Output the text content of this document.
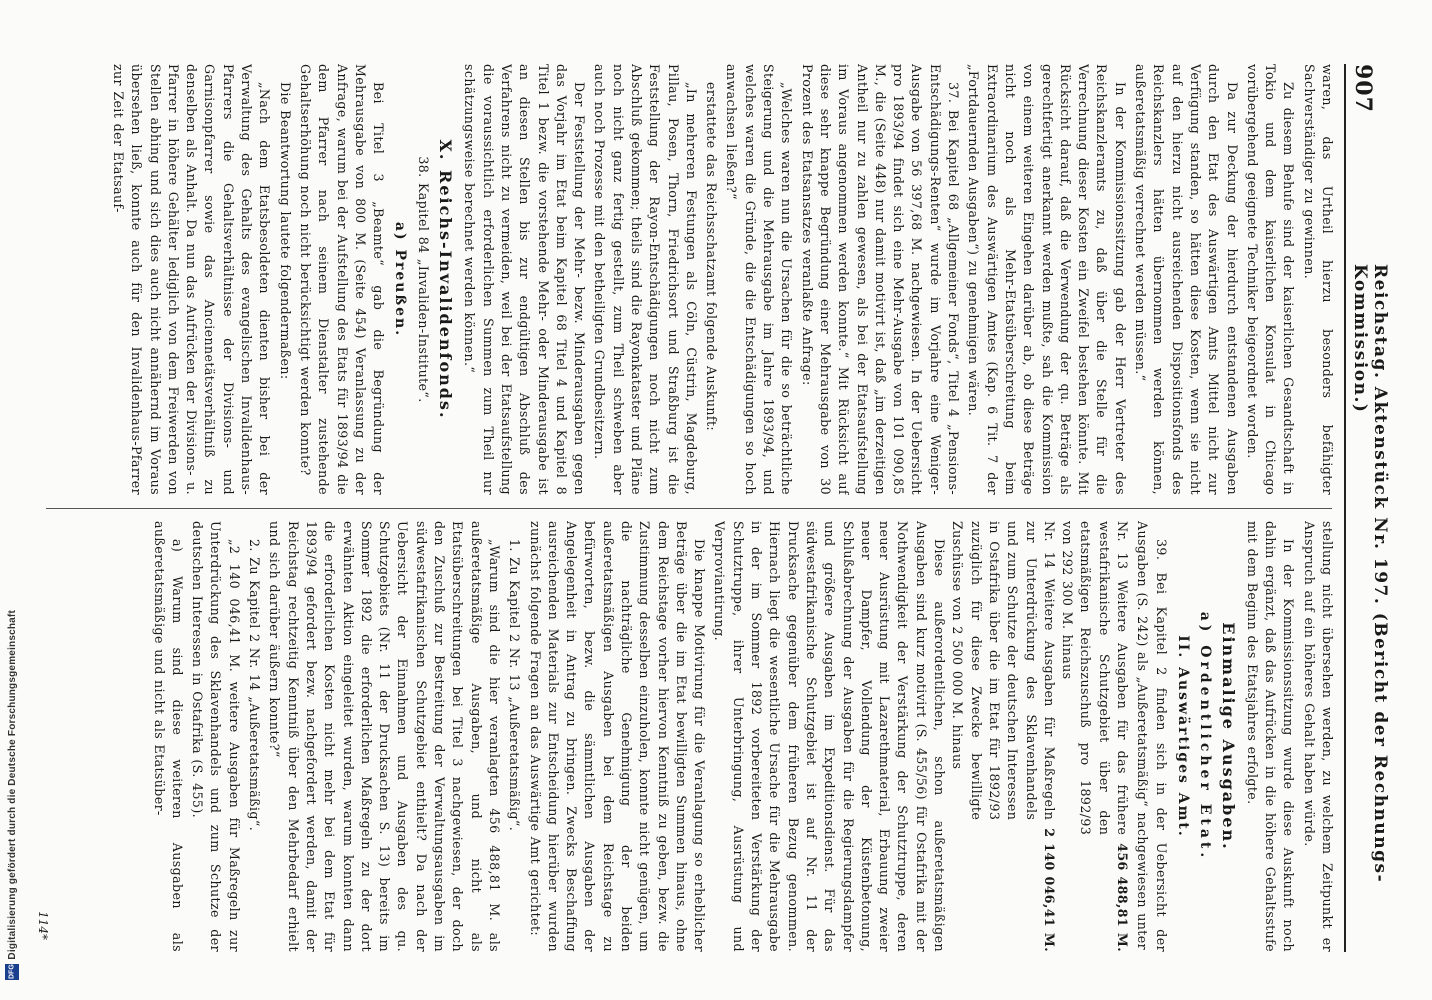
907
Reichstag. Aktenstück Nr. 197. (Bericht der Rechnungs-Kommission.)

waren, das Urtheil hierzu besonders befähigter Sachverständiger zu gewinnen.

Zu diesem Behufe sind der kaiserlichen Gesandtschaft in Tokio und dem kaiserlichen Konsulat in Chicago vorübergehend geeignete Techniker beigeordnet worden.

Da zur Deckung der hierdurch entstandenen Ausgaben durch den Etat des Auswärtigen Amts Mittel nicht zur Verfügung standen, so hätten diese Kosten, wenn sie nicht auf den hierzu nicht ausreichenden Dispositionsfonds des Reichskanzlers hätten übernommen werden können, außeretatsmäßig verrechnet werden müssen.“

In der Kommissionssitzung gab der Herr Vertreter des Reichskanzleramts zu, daß über die Stelle für die Verrechnung dieser Kosten ein Zweifel bestehen könnte. Mit Rücksicht darauf, daß die Verwendung der qu. Beträge als gerechtfertigt anerkannt werden mußte, sah die Kommission von einem weiteren Eingehen darüber ab, ob diese Beträge nicht noch als Mehr-Etatsüberschreitung beim Extraordinarium des Auswärtigen Amtes (Kap. 6 Tit. 7 der „Fortdauernden Ausgaben“) zu genehmigen wären.

37. Bei Kapitel 68 „Allgemeiner Fonds“, Titel 4 „Pensions-Entschädigungs-Renten“ wurde im Vorjahre eine Weniger-Ausgabe von 56 397,68 M. nachgewiesen. In der Uebersicht pro 1893/94 findet sich eine Mehr-Ausgabe von 101 090,85 M., die (Seite 448) nur damit motivirt ist, daß „im derzeitigen Antheil nur zu zahlen gewesen, als bei der Etatsaufstellung im Voraus angenommen werden konnte.“ Mit Rücksicht auf diese sehr knappe Begründung einer Mehrausgabe von 30 Prozent des Etatsansatzes veranlaßte Anfrage:

„Welches waren nun die Ursachen für die so beträchtliche Steigerung und die Mehrausgabe im Jahre 1893/94, und welches waren die Gründe, die die Entschädigungen so hoch anwachsen ließen?“

erstattete das Reichsschatzamt folgende Auskunft:

„In mehreren Festungen als Cöln, Cüstrin, Magdeburg, Pillau, Posen, Thorn, Friedrichsort und Straßburg ist die Feststellung der Rayon-Entschädigungen noch nicht zum Abschluß gekommen; theils sind die Rayonkataster und Pläne noch nicht ganz fertig gestellt, zum Theil schweben aber auch noch Prozesse mit den betheiligten Grundbesitzern.

Der Feststellung der Mehr- bezw. Minderausgaben gegen das Vorjahr im Etat beim Kapitel 68 Titel 4 und Kapitel 8 Titel 1 bezw. die vorstehende Mehr- oder Minderausgabe ist an diesen Stellen bis zur endgültigen Abschluß des Verfahrens nicht zu vermeiden, weil bei der Etatsaufstellung die voraussichtlich erforderlichen Summen zum Theil nur schätzungsweise berechnet werden können.“

X. Reichs-Invalidenfonds.

38. Kapitel 84 „Invaliden-Institute“.

a) Preußen.

Bei Titel 3 „Beamte“ gab die Begründung der Mehrausgabe von 800 M. (Seite 454) Veranlassung zu der Anfrage, warum bei der Aufstellung des Etats für 1893/94 die dem Pfarrer nach seinem Dienstalter zustehende Gehaltserhöhung noch nicht berücksichtigt werden konnte?

Die Beantwortung lautete folgendermaßen:

„Nach dem Etatsbesoldeten dienten bisher bei der Verwaltung des Gehalts des evangelischen Invalidenhaus-Pfarrers die Gehaltsverhältnisse der Divisions- und Garnisonpfarrer sowie das Anciennetätsverhältniß zu denselben als Anhalt. Da nun das Aufrücken der Divisions- u. Pfarrer in höhere Gehälter lediglich von dem Freiwerden von Stellen abhing und sich dies auch nicht annähernd im Voraus übersehen ließ, konnte auch für den Invalidenhaus-Pfarrer zur Zeit der Etatsauf-

stellung nicht übersehen werden, zu welchem Zeitpunkt er Anspruch auf ein höheres Gehalt haben würde.

In der Kommissionssitzung wurde diese Auskunft noch dahin ergänzt, daß das Aufrücken in die höhere Gehaltsstufe mit dem Beginn des Etatsjahres erfolgte.

Einmalige Ausgaben.
a) Ordentlicher Etat.
II. Auswärtiges Amt.

39. Bei Kapitel 2 finden sich in der Uebersicht der Ausgaben (S. 242) als „Außeretatsmäßig“ nachgewiesen unter

Nr. 13 Weitere Ausgaben für das frühere westafrikanische Schutzgebiet über den etatsmäßigen Reichszuschuß pro 1892/93 von 292 300 M. hinaus
456 488,81 M.
Nr. 14 Weitere Ausgaben für Maßregeln zur Unterdrückung des Sklavenhandels und zum Schutze der deutschen Interessen in Ostafrika über die im Etat für 1892/93 zuzüglich für diese Zwecke bewilligte Zuschüsse von 2 500 000 M. hinaus
2 140 046,41 M.

Diese außerordentlichen, schon außeretatsmäßigen Ausgaben sind kurz motivirt (S. 455/56) für Ostafrika mit der Nothwendigkeit der Verstärkung der Schutztruppe, deren neuer Ausrüstung mit Lazarethmaterial, Erbauung zweier neuer Dampfer, Vollendung der Küstenbetonung, Schlußabrechnung der Ausgaben für die Regierungsdampfer und größere Ausgaben im Expeditionsdienst. Für das südwestafrikanische Schutzgebiet ist auf Nr. 11 der Drucksache gegenüber dem früheren Bezug genommen. Hiernach liegt die wesentliche Ursache für die Mehrausgabe in der im Sommer 1892 vorbereiteten Verstärkung der Schutztruppe, ihrer Unterbringung, Ausrüstung und Verproviantirung.

Die knappe Motivirung für die Veranlagung so erheblicher Beträge über die im Etat bewilligten Summen hinaus, ohne dem Reichstage vorher hiervon Kenntniß zu geben, bezw. die Zustimmung desselben einzuholen, konnte nicht genügen, um die nachträgliche Genehmigung der beiden außeretatsmäßigen Ausgaben bei dem Reichstage zu befürworten, bezw. die sämmtlichen Ausgaben der Angelegenheit in Antrag zu bringen. Zwecks Beschaffung ausreichenden Materials zur Entscheidung hierüber wurden zunächst folgende Fragen an das Auswärtige Amt gerichtet:

1. Zu Kapitel 2 Nr. 13 „Außeretatsmäßig“.

„Warum sind die hier veranlagten 456 488,81 M. als außeretatsmäßige Ausgaben, und nicht als Etatsüberschreitungen bei Titel 3 nachgewiesen, der doch den Zuschuß zur Bestreitung der Verwaltungsausgaben im südwestafrikanischen Schutzgebiet enthielt? Da nach der Uebersicht der Einnahmen und Ausgaben des qu. Schutzgebiets (Nr. 11 der Drucksachen S. 13) bereits im Sommer 1892 die erforderlichen Maßregeln zu der dort erwähnten Aktion eingeleitet wurden, warum konnten dann die erforderlichen Kosten nicht mehr bei dem Etat für 1893/94 gefordert bezw. nachgefordert werden, damit der Reichstag rechtzeitig Kenntniß über den Mehrbedarf erhielt und sich darüber äußern konnte?“

2. Zu Kapitel 2 Nr. 14 „Außeretatsmäßig“.

„2 140 046,41 M. weitere Ausgaben für Maßregeln zur Unterdrückung des Sklavenhandels und zum Schutze der deutschen Interessen in Ostafrika (S. 455).

a) Warum sind diese weiteren Ausgaben als außeretatsmäßige und nicht als Etatsüber-

114*
Digitalisierung gefördert durch die Deutsche Forschungsgemeinschaft
DFG
